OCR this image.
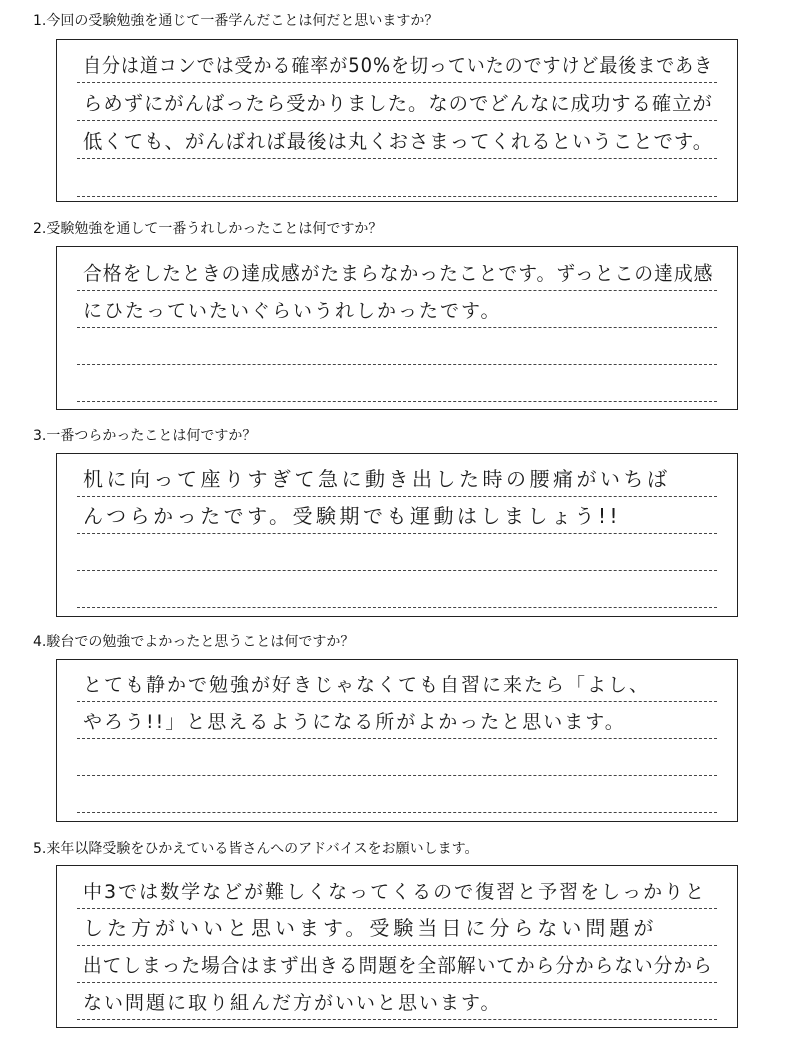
1.今回の受験勉強を通じて一番学んだことは何だと思いますか？
自分は道コンでは受かる確率が50%を切っていたのですけど最後まであき
らめずにがんばったら受かりました。なのでどんなに成功する確立が
低くても、がんばれば最後は丸くおさまってくれるということです。
2.受験勉強を通して一番うれしかったことは何ですか？
合格をしたときの達成感がたまらなかったことです。ずっとこの達成感
にひたっていたいぐらいうれしかったです。
3.一番つらかったことは何ですか？
机に向って座りすぎて急に動き出した時の腰痛がいちば
んつらかったです。受験期でも運動はしましょう!!
4.駿台での勉強でよかったと思うことは何ですか？
とても静かで勉強が好きじゃなくても自習に来たら「よし、
やろう!!」と思えるようになる所がよかったと思います。
5.来年以降受験をひかえている皆さんへのアドバイスをお願いします。
中3では数学などが難しくなってくるので復習と予習をしっかりと
した方がいいと思います。受験当日に分らない問題が
出てしまった場合はまず出きる問題を全部解いてから分からない分から
ない問題に取り組んだ方がいいと思います。
